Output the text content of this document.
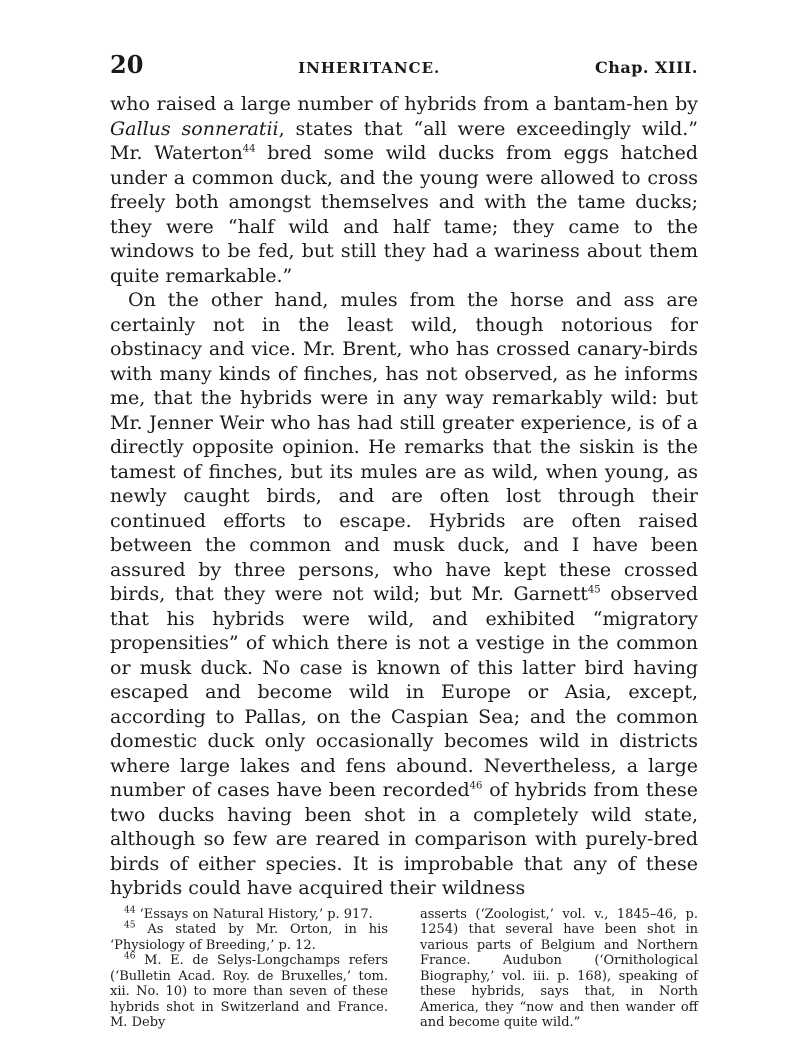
20	INHERITANCE.	Chap. XIII.

who raised a large number of hybrids from a bantam-hen by Gallus sonneratii, states that “all were exceedingly wild.” Mr. Waterton$^{44}$ bred some wild ducks from eggs hatched under a common duck, and the young were allowed to cross freely both amongst themselves and with the tame ducks; they were “half wild and half tame; they came to the windows to be fed, but still they had a wariness about them quite remarkable.”

On the other hand, mules from the horse and ass are certainly not in the least wild, though notorious for obstinacy and vice. Mr. Brent, who has crossed canary-birds with many kinds of finches, has not observed, as he informs me, that the hybrids were in any way remarkably wild: but Mr. Jenner Weir who has had still greater experience, is of a directly opposite opinion. He remarks that the siskin is the tamest of finches, but its mules are as wild, when young, as newly caught birds, and are often lost through their continued efforts to escape. Hybrids are often raised between the common and musk duck, and I have been assured by three persons, who have kept these crossed birds, that they were not wild; but Mr. Garnett$^{45}$ observed that his hybrids were wild, and exhibited “migratory propensities” of which there is not a vestige in the common or musk duck. No case is known of this latter bird having escaped and become wild in Europe or Asia, except, according to Pallas, on the Caspian Sea; and the common domestic duck only occasionally becomes wild in districts where large lakes and fens abound. Nevertheless, a large number of cases have been recorded$^{46}$ of hybrids from these two ducks having been shot in a completely wild state, although so few are reared in comparison with purely-bred birds of either species. It is improbable that any of these hybrids could have acquired their wildness

$^{44}$ ‘Essays on Natural History,’ p. 917.

$^{45}$ As stated by Mr. Orton, in his ‘Physiology of Breeding,’ p. 12.

$^{46}$ M. E. de Selys-Longchamps refers (‘Bulletin Acad. Roy. de Bruxelles,’ tom. xii. No. 10) to more than seven of these hybrids shot in Switzerland and France. M. Deby

asserts (‘Zoologist,’ vol. v., 1845–46, p. 1254) that several have been shot in various parts of Belgium and Northern France. Audubon (‘Ornithological Biography,’ vol. iii. p. 168), speaking of these hybrids, says that, in North America, they “now and then wander off and become quite wild.”
